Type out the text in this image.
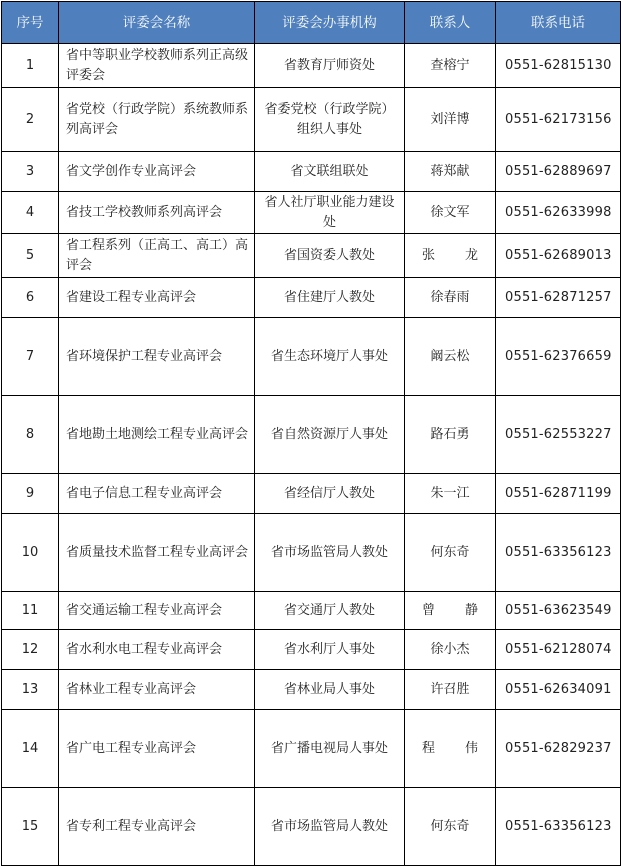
序号	评委会名称	评委会办事机构	联系人	联系电话
1	省中等职业学校教师系列正高级评委会	省教育厅师资处	查榕宁	0551-62815130
2	省党校（行政学院）系统教师系列高评会	省委党校（行政学院）组织人事处	刘洋博	0551-62173156
3	省文学创作专业高评会	省文联组联处	蒋郑献	0551-62889697
4	省技工学校教师系列高评会	省人社厅职业能力建设处	徐文军	0551-62633998
5	省工程系列（正高工、高工）高评会	省国资委人教处	张 龙	0551-62689013
6	省建设工程专业高评会	省住建厅人教处	徐春雨	0551-62871257
7	省环境保护工程专业高评会	省生态环境厅人事处	阚云松	0551-62376659
8	省地勘土地测绘工程专业高评会	省自然资源厅人事处	路石勇	0551-62553227
9	省电子信息工程专业高评会	省经信厅人教处	朱一江	0551-62871199
10	省质量技术监督工程专业高评会	省市场监管局人教处	何东奇	0551-63356123
11	省交通运输工程专业高评会	省交通厅人教处	曾 静	0551-63623549
12	省水利水电工程专业高评会	省水利厅人事处	徐小杰	0551-62128074
13	省林业工程专业高评会	省林业局人事处	许召胜	0551-62634091
14	省广电工程专业高评会	省广播电视局人事处	程 伟	0551-62829237
15	省专利工程专业高评会	省市场监管局人教处	何东奇	0551-63356123
